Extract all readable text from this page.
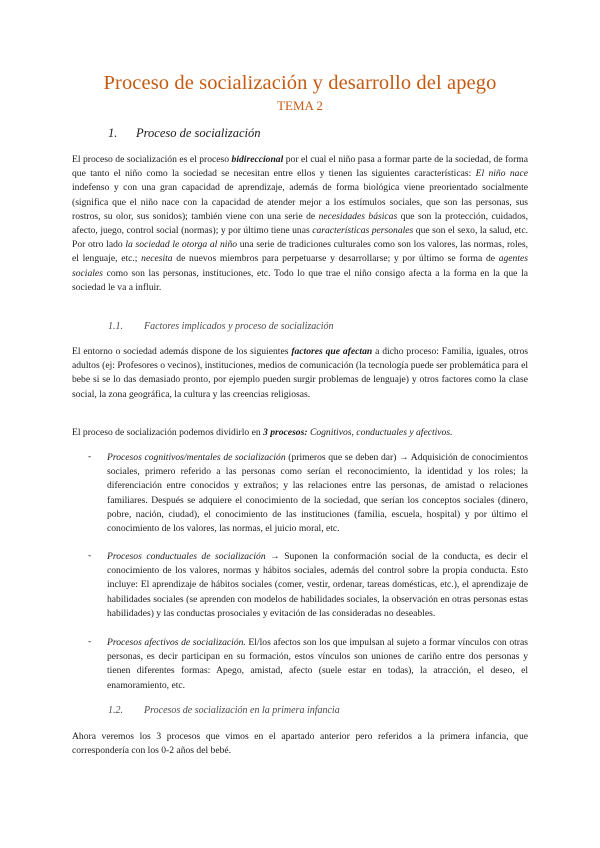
Proceso de socialización y desarrollo del apego
TEMA 2
1. Proceso de socialización

El proceso de socialización es el proceso bidireccional por el cual el niño pasa a formar parte de la sociedad, de forma que tanto el niño como la sociedad se necesitan entre ellos y tienen las siguientes características: El niño nace indefenso y con una gran capacidad de aprendizaje, además de forma biológica viene preorientado socialmente (significa que el niño nace con la capacidad de atender mejor a los estímulos sociales, que son las personas, sus rostros, su olor, sus sonidos); también viene con una serie de necesidades básicas que son la protección, cuidados, afecto, juego, control social (normas); y por último tiene unas características personales que son el sexo, la salud, etc. Por otro lado la sociedad le otorga al niño una serie de tradiciones culturales como son los valores, las normas, roles, el lenguaje, etc.; necesita de nuevos miembros para perpetuarse y desarrollarse; y por último se forma de agentes sociales como son las personas, instituciones, etc. Todo lo que trae el niño consigo afecta a la forma en la que la sociedad le va a influir.

1.1. Factores implicados y proceso de socialización

El entorno o sociedad además dispone de los siguientes factores que afectan a dicho proceso: Familia, iguales, otros adultos (ej: Profesores o vecinos), instituciones, medios de comunicación (la tecnología puede ser problemática para el bebe si se lo das demasiado pronto, por ejemplo pueden surgir problemas de lenguaje) y otros factores como la clase social, la zona geográfica, la cultura y las creencias religiosas.

El proceso de socialización podemos dividirlo en 3 procesos: Cognitivos, conductuales y afectivos.

- Procesos cognitivos/mentales de socialización (primeros que se deben dar) → Adquisición de conocimientos sociales, primero referido a las personas como serían el reconocimiento, la identidad y los roles; la diferenciación entre conocidos y extraños; y las relaciones entre las personas, de amistad o relaciones familiares. Después se adquiere el conocimiento de la sociedad, que serían los conceptos sociales (dinero, pobre, nación, ciudad), el conocimiento de las instituciones (familia, escuela, hospital) y por último el conocimiento de los valores, las normas, el juicio moral, etc.

- Procesos conductuales de socialización → Suponen la conformación social de la conducta, es decir el conocimiento de los valores, normas y hábitos sociales, además del control sobre la propia conducta. Esto incluye: El aprendizaje de hábitos sociales (comer, vestir, ordenar, tareas domésticas, etc.), el aprendizaje de habilidades sociales (se aprenden con modelos de habilidades sociales, la observación en otras personas estas habilidades) y las conductas prosociales y evitación de las consideradas no deseables.

- Procesos afectivos de socialización. El/los afectos son los que impulsan al sujeto a formar vínculos con otras personas, es decir participan en su formación, estos vínculos son uniones de cariño entre dos personas y tienen diferentes formas: Apego, amistad, afecto (suele estar en todas), la atracción, el deseo, el enamoramiento, etc.

1.2. Procesos de socialización en la primera infancia

Ahora veremos los 3 procesos que vimos en el apartado anterior pero referidos a la primera infancia, que correspondería con los 0-2 años del bebé.
